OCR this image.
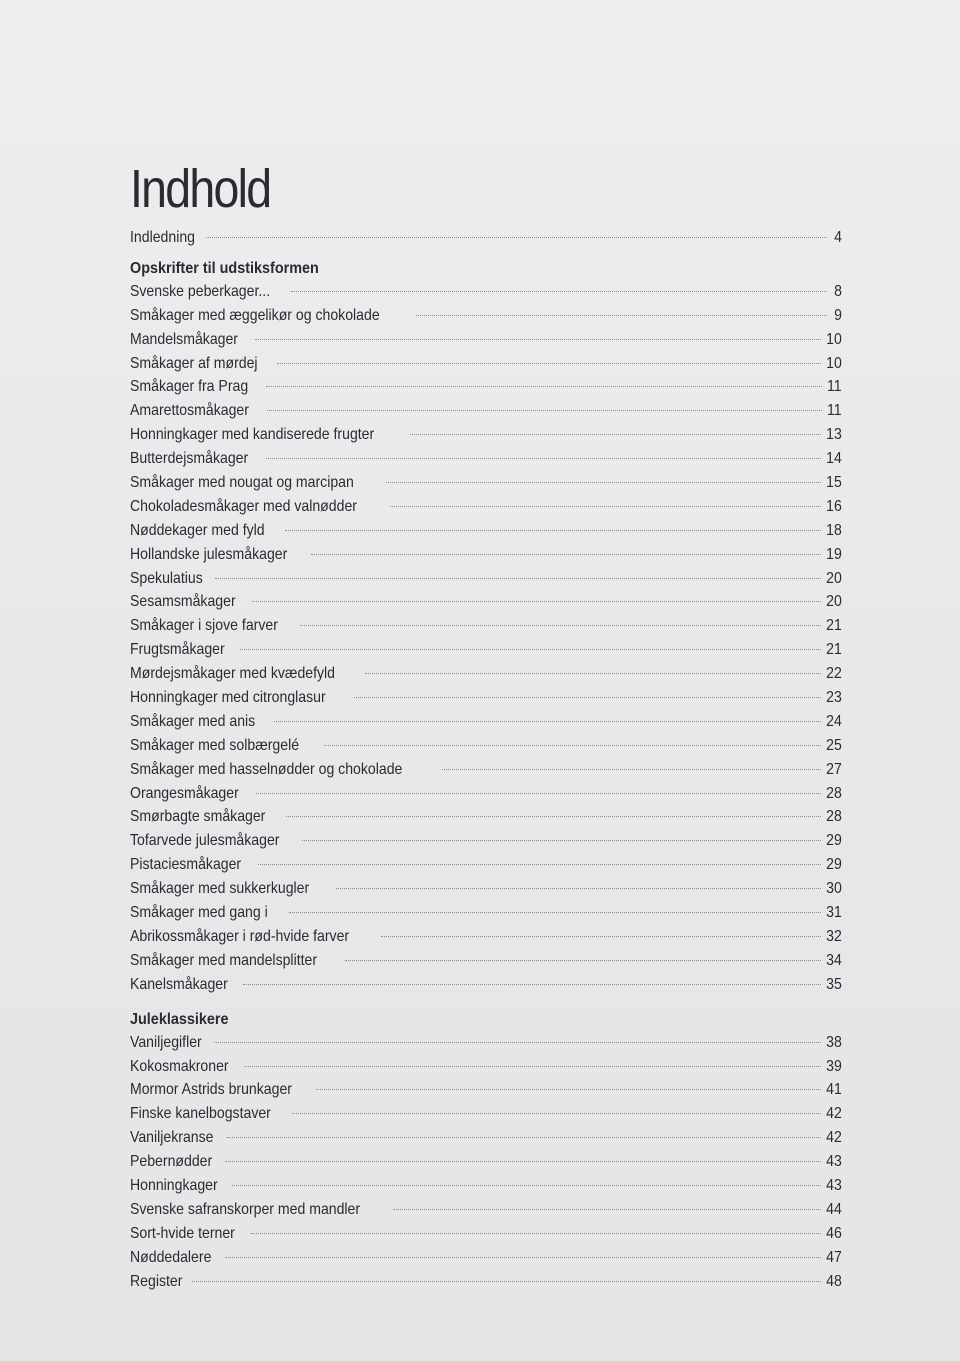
Indhold
Indledning	4
Opskrifter til udstiksformen
Svenske peberkager...	8
Småkager med æggelikør og chokolade	9
Mandelsmåkager	10
Småkager af mørdej	10
Småkager fra Prag	11
Amarettosmåkager	11
Honningkager med kandiserede frugter	13
Butterdejsmåkager	14
Småkager med nougat og marcipan	15
Chokoladesmåkager med valnødder	16
Nøddekager med fyld	18
Hollandske julesmåkager	19
Spekulatius	20
Sesamsmåkager	20
Småkager i sjove farver	21
Frugtsmåkager	21
Mørdejsmåkager med kvædefyld	22
Honningkager med citronglasur	23
Småkager med anis	24
Småkager med solbærgelé	25
Småkager med hasselnødder og chokolade	27
Orangesmåkager	28
Smørbagte småkager	28
Tofarvede julesmåkager	29
Pistaciesmåkager	29
Småkager med sukkerkugler	30
Småkager med gang i	31
Abrikossmåkager i rød-hvide farver	32
Småkager med mandelsplitter	34
Kanelsmåkager	35
Juleklassikere
Vaniljegifler	38
Kokosmakroner	39
Mormor Astrids brunkager	41
Finske kanelbogstaver	42
Vaniljekranse	42
Pebernødder	43
Honningkager	43
Svenske safranskorper med mandler	44
Sort-hvide terner	46
Nøddedalere	47
Register	48
